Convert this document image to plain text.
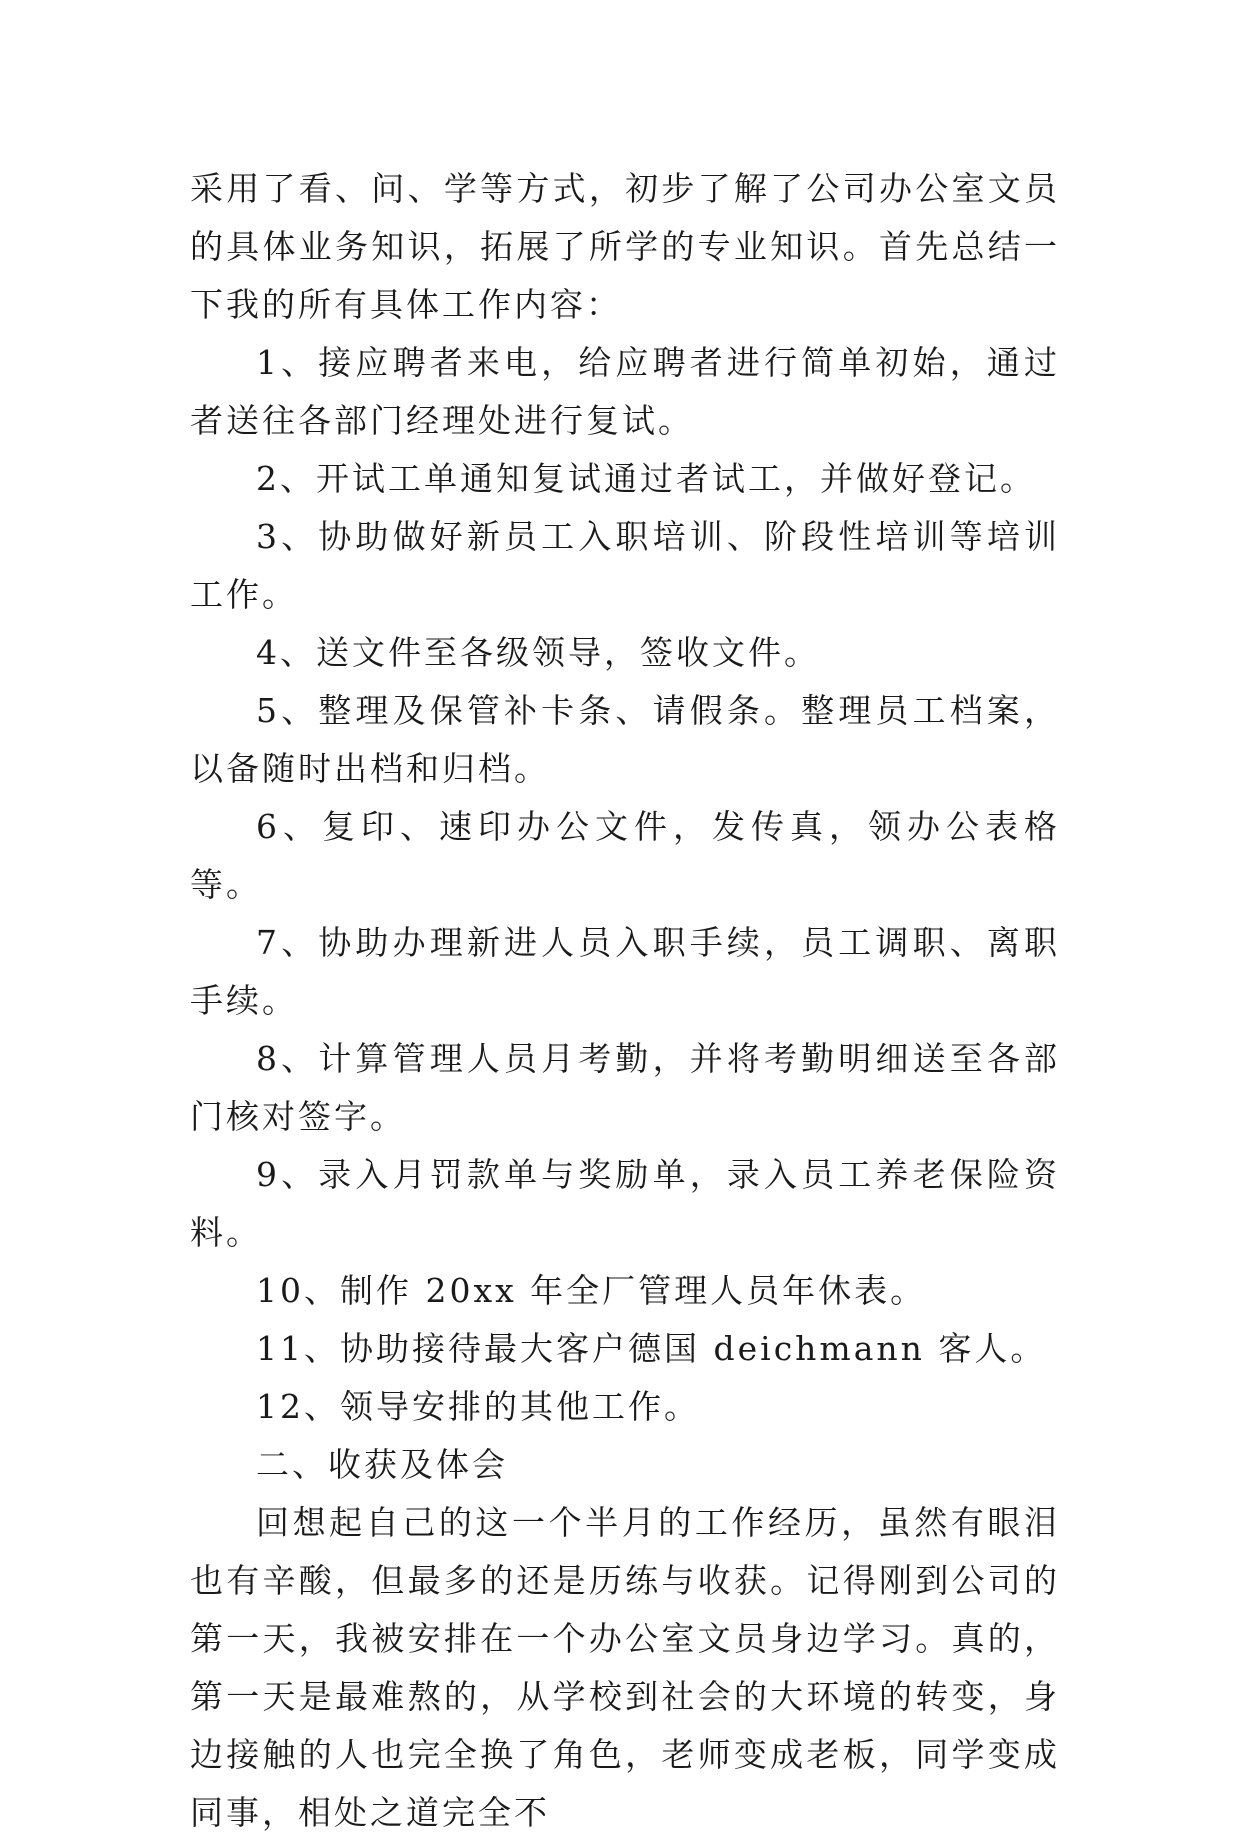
采用了看、问、学等方式，初步了解了公司办公室文员的具体业务知识，拓展了所学的专业知识。首先总结一下我的所有具体工作内容：

1、接应聘者来电，给应聘者进行简单初始，通过者送往各部门经理处进行复试。

2、开试工单通知复试通过者试工，并做好登记。

3、协助做好新员工入职培训、阶段性培训等培训工作。

4、送文件至各级领导，签收文件。

5、整理及保管补卡条、请假条。整理员工档案，以备随时出档和归档。

6、复印、速印办公文件，发传真，领办公表格等。

7、协助办理新进人员入职手续，员工调职、离职手续。

8、计算管理人员月考勤，并将考勤明细送至各部门核对签字。

9、录入月罚款单与奖励单，录入员工养老保险资料。

10、制作 20xx 年全厂管理人员年休表。

11、协助接待最大客户德国 deichmann 客人。

12、领导安排的其他工作。

二、收获及体会

回想起自己的这一个半月的工作经历，虽然有眼泪也有辛酸，但最多的还是历练与收获。记得刚到公司的第一天，我被安排在一个办公室文员身边学习。真的，第一天是最难熬的，从学校到社会的大环境的转变，身边接触的人也完全换了角色，老师变成老板，同学变成同事，相处之道完全不
